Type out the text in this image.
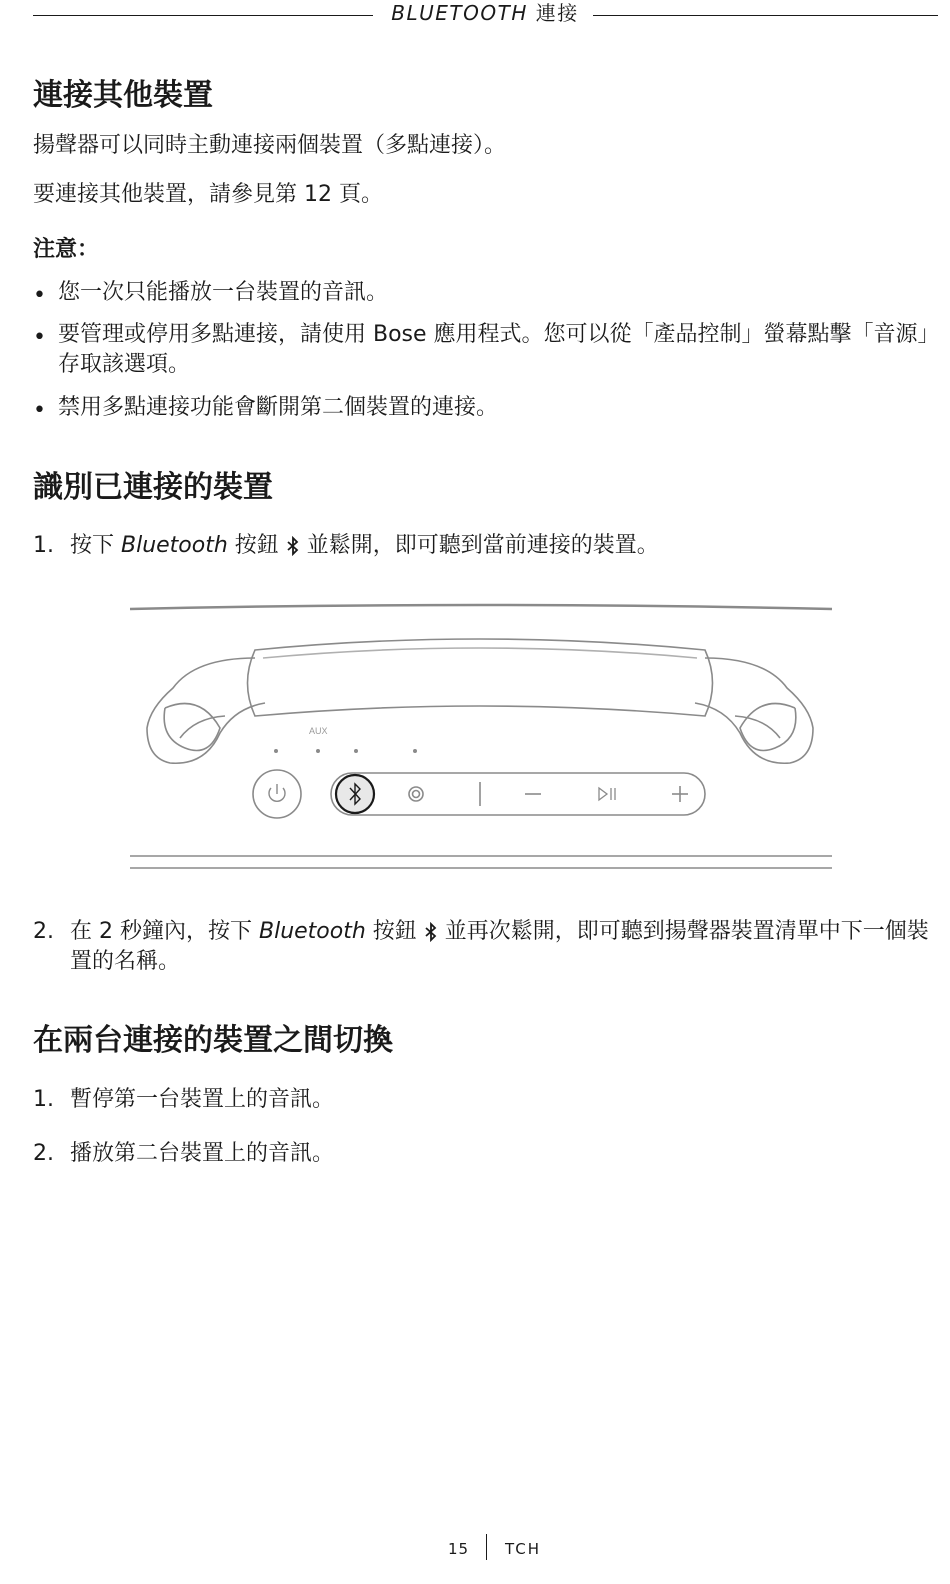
BLUETOOTH 連接
連接其他裝置

揚聲器可以同時主動連接兩個裝置（多點連接）。

要連接其他裝置，請參見第 12 頁。

注意：

• 您一次只能播放一台裝置的音訊。
• 要管理或停用多點連接，請使用 Bose 應用程式。您可以從「產品控制」螢幕點擊「音源」存取該選項。
• 禁用多點連接功能會斷開第二個裝置的連接。
識別已連接的裝置
1. 按下 Bluetooth 按鈕  並鬆開，即可聽到當前連接的裝置。
AUX
2. 在 2 秒鐘內，按下 Bluetooth 按鈕  並再次鬆開，即可聽到揚聲器裝置清單中下一個裝置的名稱。
在兩台連接的裝置之間切換
1. 暫停第一台裝置上的音訊。
2. 播放第二台裝置上的音訊。
15 TCH
